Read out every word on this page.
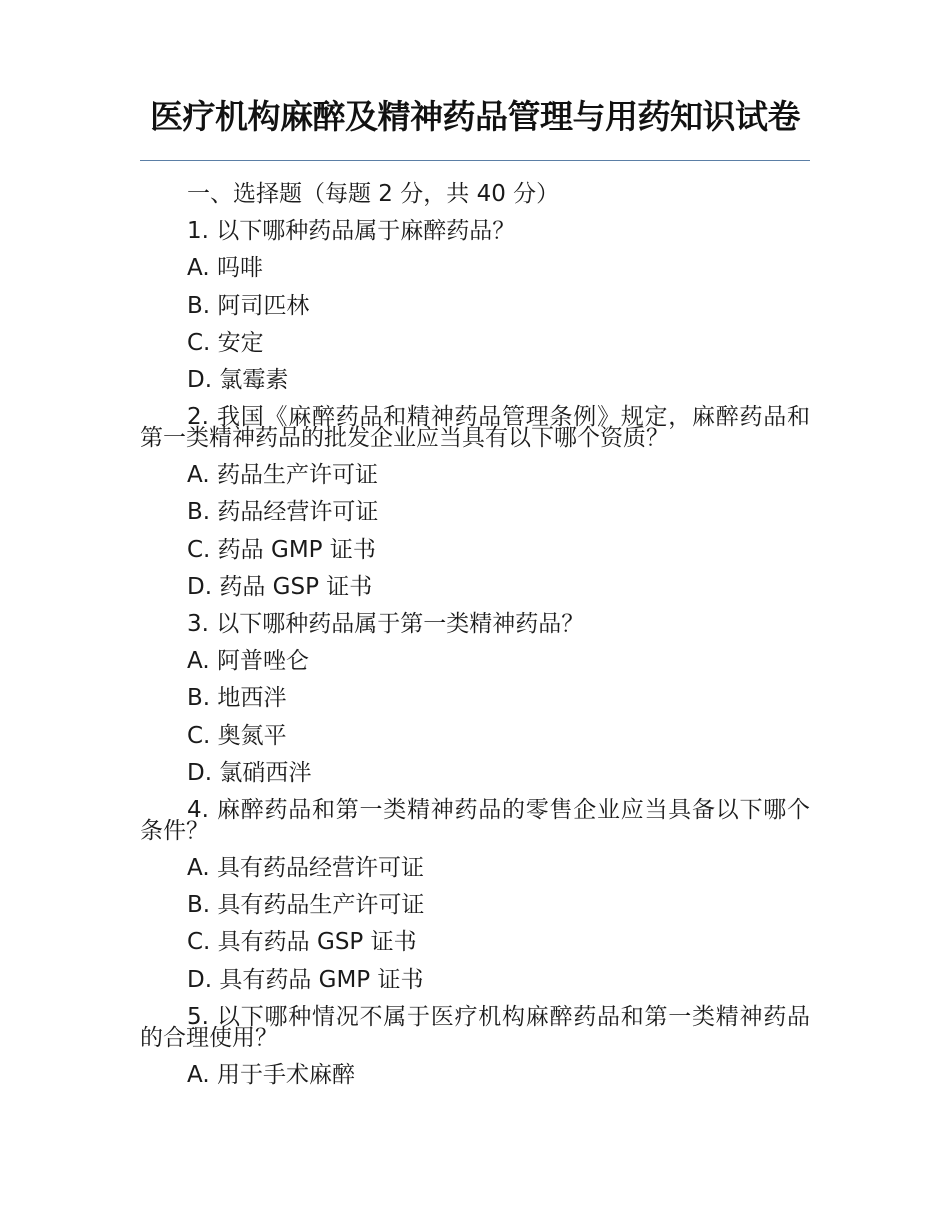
医疗机构麻醉及精神药品管理与用药知识试卷

一、选择题（每题 2 分，共 40 分）

1. 以下哪种药品属于麻醉药品？

A. 吗啡

B. 阿司匹林

C. 安定

D. 氯霉素

2. 我国《麻醉药品和精神药品管理条例》规定，麻醉药品和第一类精神药品的批发企业应当具有以下哪个资质？

A. 药品生产许可证

B. 药品经营许可证

C. 药品 GMP 证书

D. 药品 GSP 证书

3. 以下哪种药品属于第一类精神药品？

A. 阿普唑仑

B. 地西泮

C. 奥氮平

D. 氯硝西泮

4. 麻醉药品和第一类精神药品的零售企业应当具备以下哪个条件？

A. 具有药品经营许可证

B. 具有药品生产许可证

C. 具有药品 GSP 证书

D. 具有药品 GMP 证书

5. 以下哪种情况不属于医疗机构麻醉药品和第一类精神药品的合理使用？

A. 用于手术麻醉
